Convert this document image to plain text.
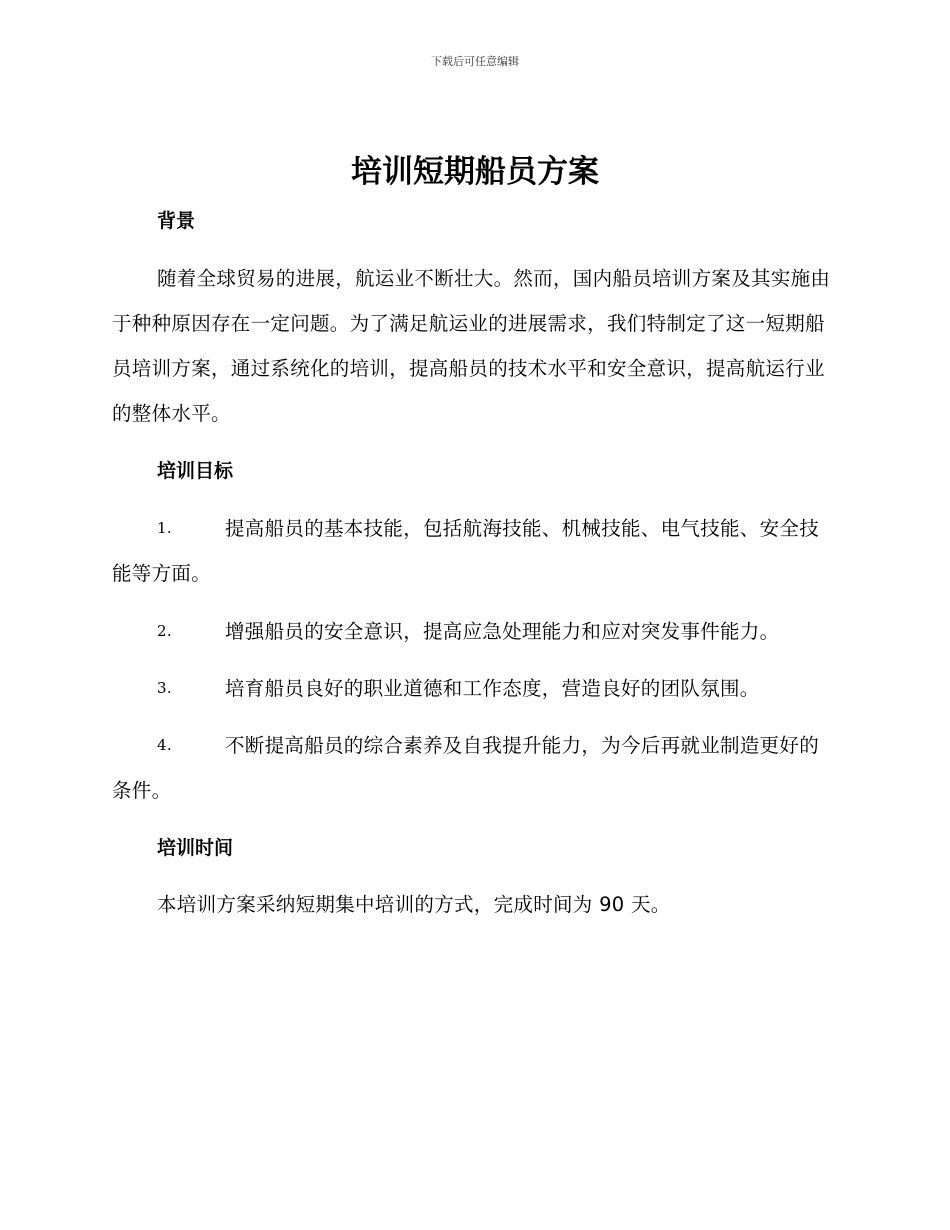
下载后可任意编辑
培训短期船员方案
背景
随着全球贸易的进展，航运业不断壮大。然而，国内船员培训方案及其实施由于种种原因存在一定问题。为了满足航运业的进展需求，我们特制定了这一短期船员培训方案，通过系统化的培训，提高船员的技术水平和安全意识，提高航运行业的整体水平。
培训目标
1.	提高船员的基本技能，包括航海技能、机械技能、电气技能、安全技能等方面。
2.	增强船员的安全意识，提高应急处理能力和应对突发事件能力。
3.	培育船员良好的职业道德和工作态度，营造良好的团队氛围。
4.	不断提高船员的综合素养及自我提升能力，为今后再就业制造更好的条件。
培训时间
本培训方案采纳短期集中培训的方式，完成时间为 90 天。
